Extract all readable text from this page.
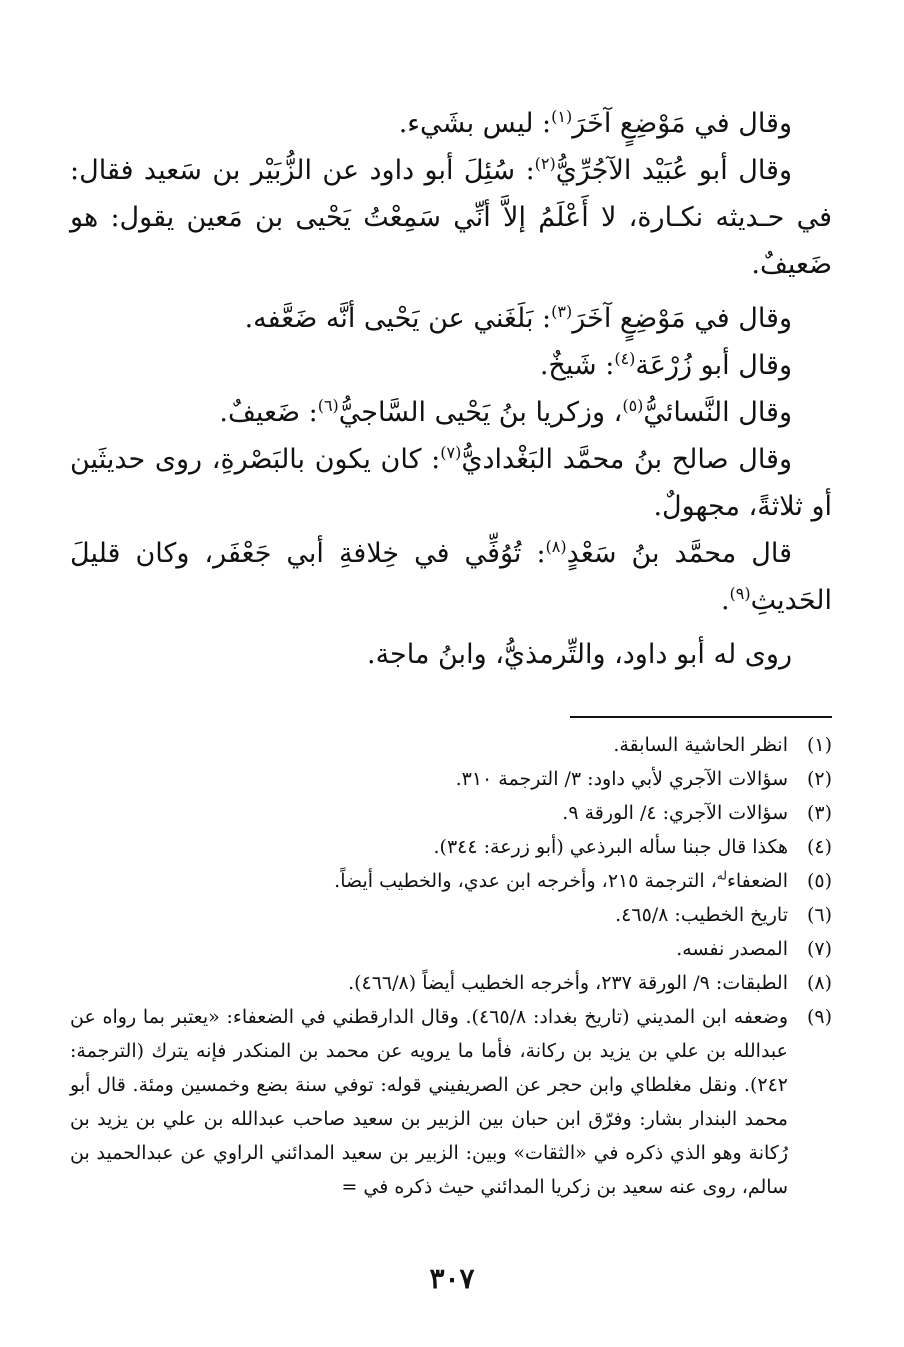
وقال في مَوْضِعٍ آخَرَ$^{(١)}$: ليس بشَيء.

وقال أبو عُبَيْد الآجُرِّيُّ$^{(٢)}$: سُئِلَ أبو داود عن الزُّبَيْر بن سَعيد فقال: في حـديثه نكـارة، لا أَعْلَمُ إلاَّ أنِّي سَمِعْتُ يَحْيى بن مَعين يقول: هو ضَعيفٌ.

وقال في مَوْضِعٍ آخَرَ$^{(٣)}$: بَلَغَني عن يَحْيى أنَّه ضَعَّفه.

وقال أبو زُرْعَة$^{(٤)}$: شَيخٌ.

وقال النَّسائيُّ$^{(٥)}$، وزكريا بنُ يَحْيى السَّاجيُّ$^{(٦)}$: ضَعيفٌ.

وقال صالح بنُ محمَّد البَغْداديُّ$^{(٧)}$: كان يكون بالبَصْرةِ، روى حديثَين أو ثلاثةً، مجهولٌ.

قال محمَّد بنُ سَعْدٍ$^{(٨)}$: تُوُفِّي في خِلافةِ أبي جَعْفَر، وكان قليلَ الحَديثِ$^{(٩)}$.

روى له أبو داود، والتِّرمذيُّ، وابنُ ماجة.

(١)
انظر الحاشية السابقة.
(٢)
سؤالات الآجري لأبي داود: ٣/ الترجمة ٣١٠.
(٣)
سؤالات الآجري: ٤/ الورقة ٩.
(٤)
هكذا قال جبنا سأله البرذعي (أبو زرعة: ٣٤٤).
(٥)
الضعفاء$^{له}$، الترجمة ٢١٥، وأخرجه ابن عدي، والخطيب أيضاً.
(٦)
تاريخ الخطيب: ٤٦٥/٨.
(٧)
المصدر نفسه.
(٨)
الطبقات: ٩/ الورقة ٢٣٧، وأخرجه الخطيب أيضاً (٤٦٦/٨).
(٩)
وضعفه ابن المديني (تاريخ بغداد: ٤٦٥/٨). وقال الدارقطني في الضعفاء: «يعتبر بما رواه عن عبدالله بن علي بن يزيد بن ركانة، فأما ما يرويه عن محمد بن المنكدر فإنه يترك (الترجمة: ٢٤٢). ونقل مغلطاي وابن حجر عن الصريفيني قوله: توفي سنة بضع وخمسين ومئة. قال أبو محمد البندار بشار: وفرّق ابن حبان بين الزبير بن سعيد صاحب عبدالله بن علي بن يزيد بن رُكانة وهو الذي ذكره في «الثقات» وبين: الزبير بن سعيد المدائني الراوي عن عبدالحميد بن سالم، روى عنه سعيد بن زكريا المدائني حيث ذكره في =
٣٠٧
